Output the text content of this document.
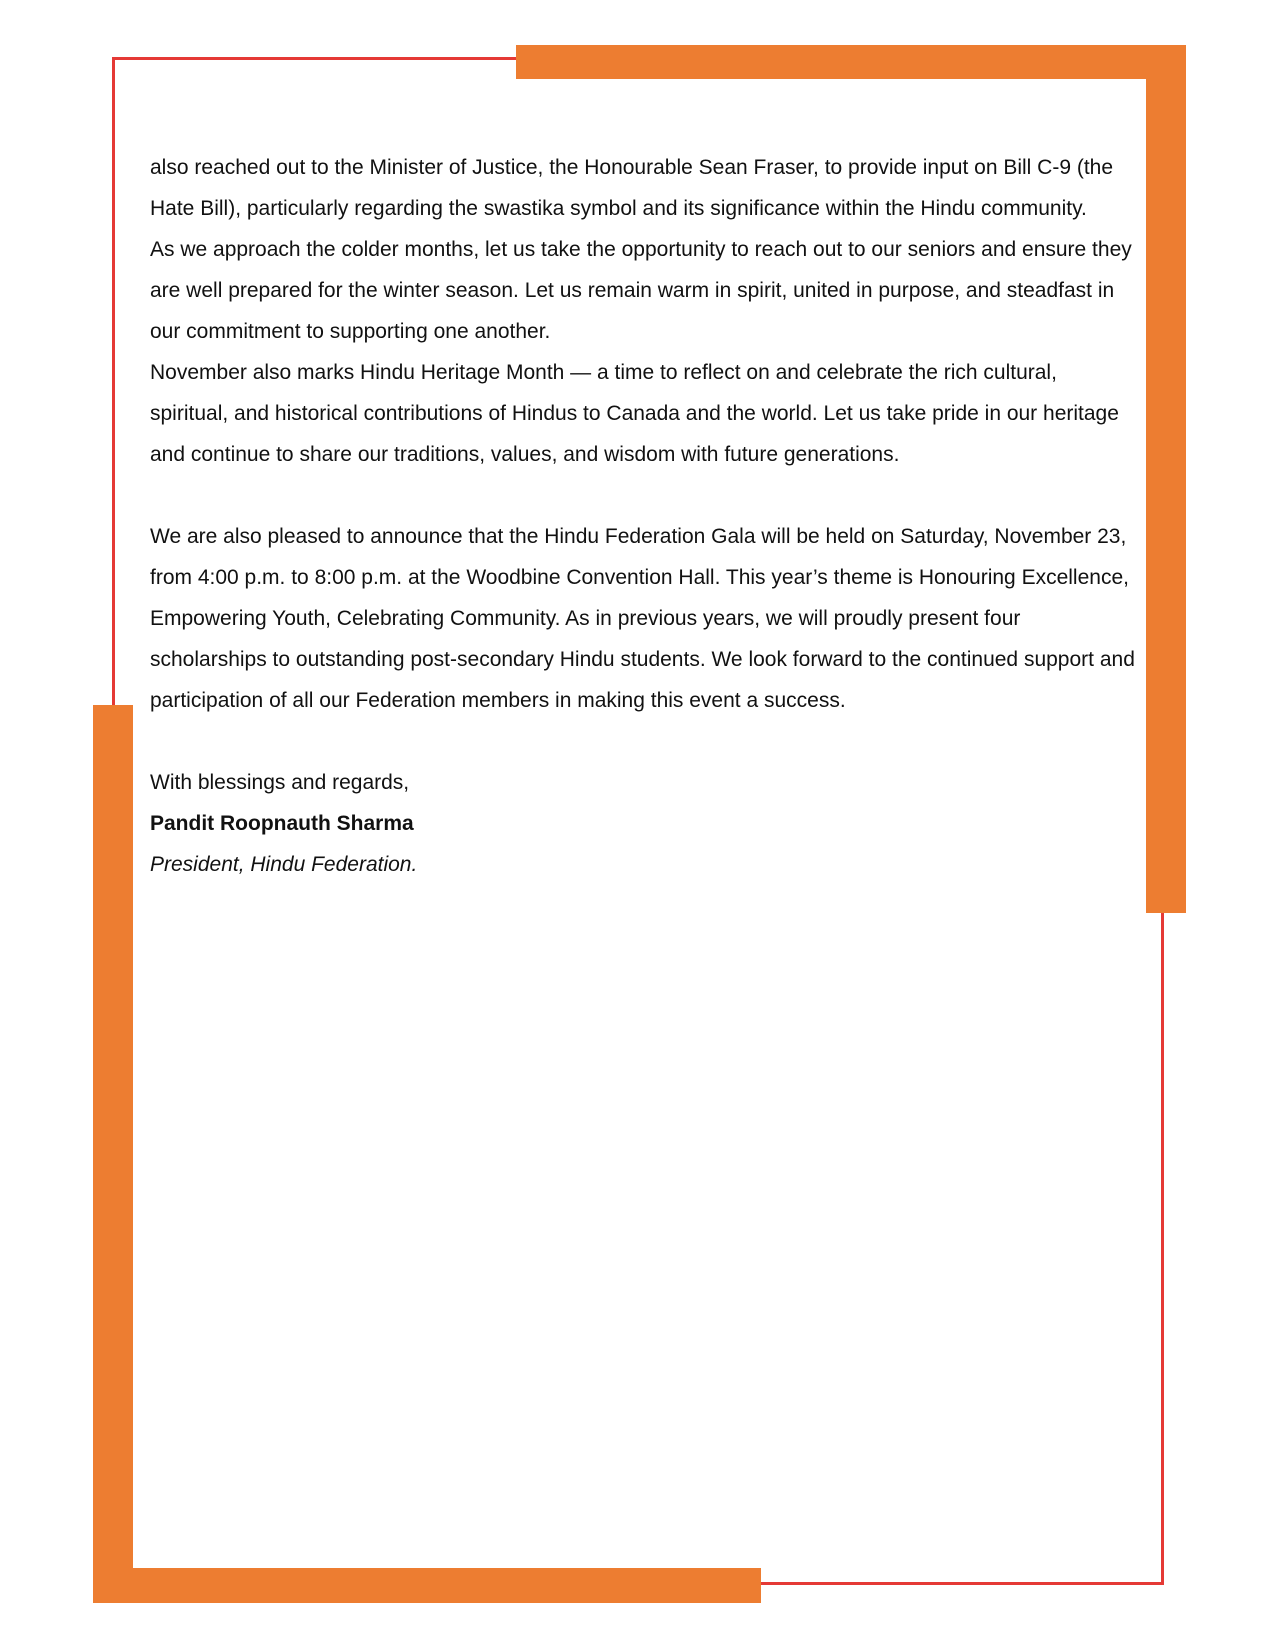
also reached out to the Minister of Justice, the Honourable Sean Fraser, to provide input on Bill C-9 (the Hate Bill), particularly regarding the swastika symbol and its significance within the Hindu community.

As we approach the colder months, let us take the opportunity to reach out to our seniors and ensure they are well prepared for the winter season. Let us remain warm in spirit, united in purpose, and steadfast in our commitment to supporting one another.

November also marks Hindu Heritage Month — a time to reflect on and celebrate the rich cultural, spiritual, and historical contributions of Hindus to Canada and the world. Let us take pride in our heritage and continue to share our traditions, values, and wisdom with future generations.

We are also pleased to announce that the Hindu Federation Gala will be held on Saturday, November 23, from 4:00 p.m. to 8:00 p.m. at the Woodbine Convention Hall. This year’s theme is Honouring Excellence, Empowering Youth, Celebrating Community. As in previous years, we will proudly present four scholarships to outstanding post-secondary Hindu students. We look forward to the continued support and participation of all our Federation members in making this event a success.

With blessings and regards,

Pandit Roopnauth Sharma

President, Hindu Federation.
